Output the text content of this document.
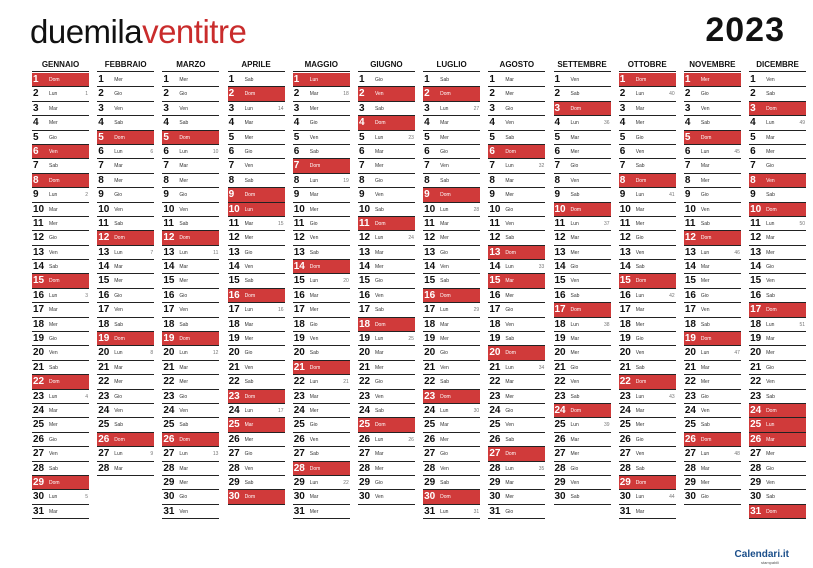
duemilaventitre	2023
GENNAIO
1 Dom
2 Lun	1
3 Mar
4 Mer
5 Gio
6 Ven
7 Sab
8 Dom
9 Lun	2
10 Mar
11 Mer
12 Gio
13 Ven
14 Sab
15 Dom
16 Lun	3
17 Mar
18 Mer
19 Gio
20 Ven
21 Sab
22 Dom
23 Lun	4
24 Mar
25 Mer
26 Gio
27 Ven
28 Sab
29 Dom
30 Lun	5
31 Mar
FEBBRAIO
1 Mer
2 Gio
3 Ven
4 Sab
5 Dom
6 Lun	6
7 Mar
8 Mer
9 Gio
10 Ven
11 Sab
12 Dom
13 Lun	7
14 Mar
15 Mer
16 Gio
17 Ven
18 Sab
19 Dom
20 Lun	8
21 Mar
22 Mer
23 Gio
24 Ven
25 Sab
26 Dom
27 Lun	9
28 Mar
MARZO
1 Mer
2 Gio
3 Ven
4 Sab
5 Dom
6 Lun	10
7 Mar
8 Mer
9 Gio
10 Ven
11 Sab
12 Dom
13 Lun	11
14 Mar
15 Mer
16 Gio
17 Ven
18 Sab
19 Dom
20 Lun	12
21 Mar
22 Mer
23 Gio
24 Ven
25 Sab
26 Dom
27 Lun	13
28 Mar
29 Mer
30 Gio
31 Ven
APRILE
1 Sab
2 Dom
3 Lun	14
4 Mar
5 Mer
6 Gio
7 Ven
8 Sab
9 Dom
10 Lun
11 Mar	15
12 Mer
13 Gio
14 Ven
15 Sab
16 Dom
17 Lun	16
18 Mar
19 Mer
20 Gio
21 Ven
22 Sab
23 Dom
24 Lun	17
25 Mar
26 Mer
27 Gio
28 Ven
29 Sab
30 Dom
MAGGIO
1 Lun
2 Mar	18
3 Mer
4 Gio
5 Ven
6 Sab
7 Dom
8 Lun	19
9 Mar
10 Mer
11 Gio
12 Ven
13 Sab
14 Dom
15 Lun	20
16 Mar
17 Mer
18 Gio
19 Ven
20 Sab
21 Dom
22 Lun	21
23 Mar
24 Mer
25 Gio
26 Ven
27 Sab
28 Dom
29 Lun	22
30 Mar
31 Mer
GIUGNO
1 Gio
2 Ven
3 Sab
4 Dom
5 Lun	23
6 Mar
7 Mer
8 Gio
9 Ven
10 Sab
11 Dom
12 Lun	24
13 Mar
14 Mer
15 Gio
16 Ven
17 Sab
18 Dom
19 Lun	25
20 Mar
21 Mer
22 Gio
23 Ven
24 Sab
25 Dom
26 Lun	26
27 Mar
28 Mer
29 Gio
30 Ven
LUGLIO
1 Sab
2 Dom
3 Lun	27
4 Mar
5 Mer
6 Gio
7 Ven
8 Sab
9 Dom
10 Lun	28
11 Mar
12 Mer
13 Gio
14 Ven
15 Sab
16 Dom
17 Lun	29
18 Mar
19 Mer
20 Gio
21 Ven
22 Sab
23 Dom
24 Lun	30
25 Mar
26 Mer
27 Gio
28 Ven
29 Sab
30 Dom
31 Lun	31
AGOSTO
1 Mar
2 Mer
3 Gio
4 Ven
5 Sab
6 Dom
7 Lun	32
8 Mar
9 Mer
10 Gio
11 Ven
12 Sab
13 Dom
14 Lun	33
15 Mar
16 Mer
17 Gio
18 Ven
19 Sab
20 Dom
21 Lun	34
22 Mar
23 Mer
24 Gio
25 Ven
26 Sab
27 Dom
28 Lun	35
29 Mar
30 Mer
31 Gio
SETTEMBRE
1 Ven
2 Sab
3 Dom
4 Lun	36
5 Mar
6 Mer
7 Gio
8 Ven
9 Sab
10 Dom
11 Lun	37
12 Mar
13 Mer
14 Gio
15 Ven
16 Sab
17 Dom
18 Lun	38
19 Mar
20 Mer
21 Gio
22 Ven
23 Sab
24 Dom
25 Lun	39
26 Mar
27 Mer
28 Gio
29 Ven
30 Sab
OTTOBRE
1 Dom
2 Lun	40
3 Mar
4 Mer
5 Gio
6 Ven
7 Sab
8 Dom
9 Lun	41
10 Mar
11 Mer
12 Gio
13 Ven
14 Sab
15 Dom
16 Lun	42
17 Mar
18 Mer
19 Gio
20 Ven
21 Sab
22 Dom
23 Lun	43
24 Mar
25 Mer
26 Gio
27 Ven
28 Sab
29 Dom
30 Lun	44
31 Mar
NOVEMBRE
1 Mer
2 Gio
3 Ven
4 Sab
5 Dom
6 Lun	45
7 Mar
8 Mer
9 Gio
10 Ven
11 Sab
12 Dom
13 Lun	46
14 Mar
15 Mer
16 Gio
17 Ven
18 Sab
19 Dom
20 Lun	47
21 Mar
22 Mer
23 Gio
24 Ven
25 Sab
26 Dom
27 Lun	48
28 Mar
29 Mer
30 Gio
DICEMBRE
1 Ven
2 Sab
3 Dom
4 Lun	49
5 Mar
6 Mer
7 Gio
8 Ven
9 Sab
10 Dom
11 Lun	50
12 Mar
13 Mer
14 Gio
15 Ven
16 Sab
17 Dom
18 Lun	51
19 Mar
20 Mer
21 Gio
22 Ven
23 Sab
24 Dom
25 Lun
26 Mar
27 Mer
28 Gio
29 Ven
30 Sab
31 Dom
Calendari.it
stampabili
